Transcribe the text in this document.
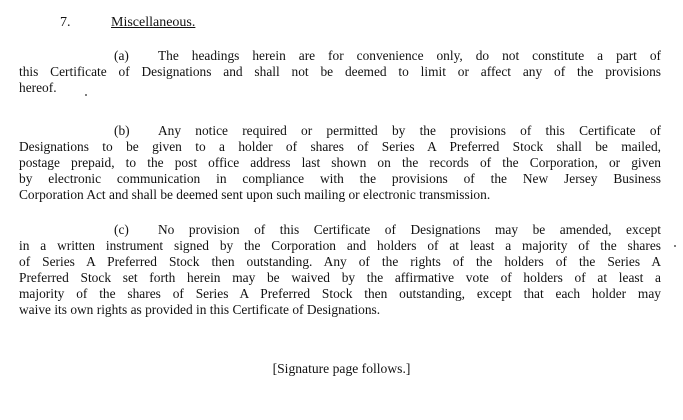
7.	Miscellaneous.
(a) The headings herein are for convenience only, do not constitute a part of
this Certificate of Designations and shall not be deemed to limit or affect any of the provisions
hereof.
(b) Any notice required or permitted by the provisions of this Certificate of
Designations to be given to a holder of shares of Series A Preferred Stock shall be mailed,
postage prepaid, to the post office address last shown on the records of the Corporation, or given
by electronic communication in compliance with the provisions of the New Jersey Business
Corporation Act and shall be deemed sent upon such mailing or electronic transmission.
(c) No provision of this Certificate of Designations may be amended, except
in a written instrument signed by the Corporation and holders of at least a majority of the shares
of Series A Preferred Stock then outstanding. Any of the rights of the holders of the Series A
Preferred Stock set forth herein may be waived by the affirmative vote of holders of at least a
majority of the shares of Series A Preferred Stock then outstanding, except that each holder may
waive its own rights as provided in this Certificate of Designations.
[Signature page follows.]
